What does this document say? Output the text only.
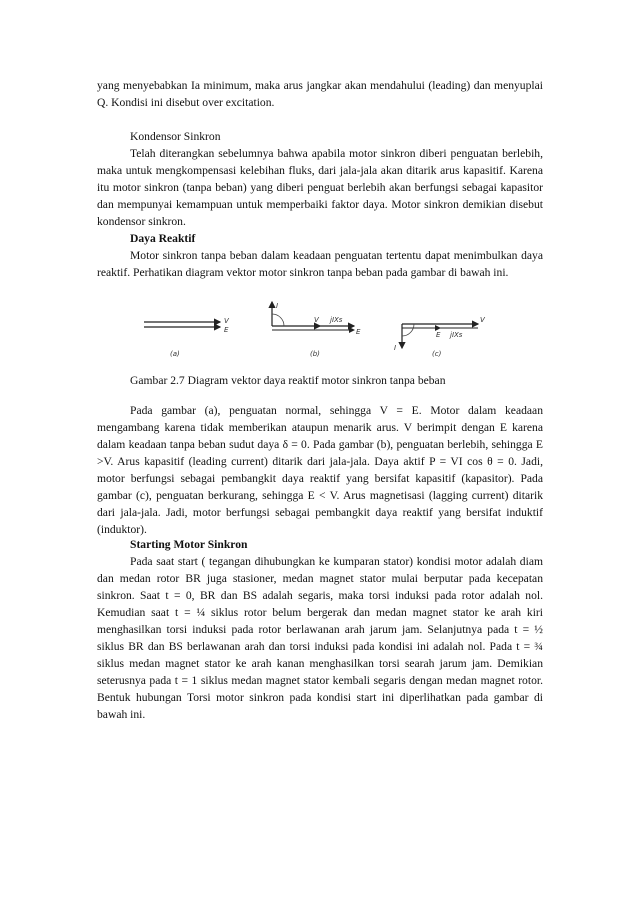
yang menyebabkan Ia minimum, maka arus jangkar akan mendahului (leading) dan menyuplai Q. Kondisi ini disebut over excitation.
Kondensor Sinkron
Telah diterangkan sebelumnya bahwa apabila motor sinkron diberi penguatan berlebih, maka untuk mengkompensasi kelebihan fluks, dari jala-jala akan ditarik arus kapasitif. Karena itu motor sinkron (tanpa beban) yang diberi penguat berlebih akan berfungsi sebagai kapasitor dan mempunyai kemampuan untuk memperbaiki faktor daya. Motor sinkron demikian disebut kondensor sinkron.
Daya Reaktif
Motor sinkron tanpa beban dalam keadaan penguatan tertentu dapat menimbulkan daya reaktif. Perhatikan diagram vektor motor sinkron tanpa beban pada gambar di bawah ini.
V
E
(a)
I
V jIXs
E
(b)
V
E jIXs
I
(c)
Gambar 2.7 Diagram vektor daya reaktif motor sinkron tanpa beban
Pada gambar (a), penguatan normal, sehingga V = E. Motor dalam keadaan mengambang karena tidak memberikan ataupun menarik arus. V berimpit dengan E karena dalam keadaan tanpa beban sudut daya δ = 0. Pada gambar (b), penguatan berlebih, sehingga E >V. Arus kapasitif (leading current) ditarik dari jala-jala. Daya aktif P = VI cos θ = 0. Jadi, motor berfungsi sebagai pembangkit daya reaktif yang bersifat kapasitif (kapasitor). Pada gambar (c), penguatan berkurang, sehingga E < V. Arus magnetisasi (lagging current) ditarik dari jala-jala. Jadi, motor berfungsi sebagai pembangkit daya reaktif yang bersifat induktif (induktor).
Starting Motor Sinkron
Pada saat start ( tegangan dihubungkan ke kumparan stator) kondisi motor adalah diam dan medan rotor BR juga stasioner, medan magnet stator mulai berputar pada kecepatan sinkron. Saat t = 0, BR dan BS adalah segaris, maka torsi induksi pada rotor adalah nol. Kemudian saat t = ¼ siklus rotor belum bergerak dan medan magnet stator ke arah kiri menghasilkan torsi induksi pada rotor berlawanan arah jarum jam. Selanjutnya pada t = ½ siklus BR dan BS berlawanan arah dan torsi induksi pada kondisi ini adalah nol. Pada t = ¾ siklus medan magnet stator ke arah kanan menghasilkan torsi searah jarum jam. Demikian seterusnya pada t = 1 siklus medan magnet stator kembali segaris dengan medan magnet rotor. Bentuk hubungan Torsi motor sinkron pada kondisi start ini diperlihatkan pada gambar di bawah ini.
